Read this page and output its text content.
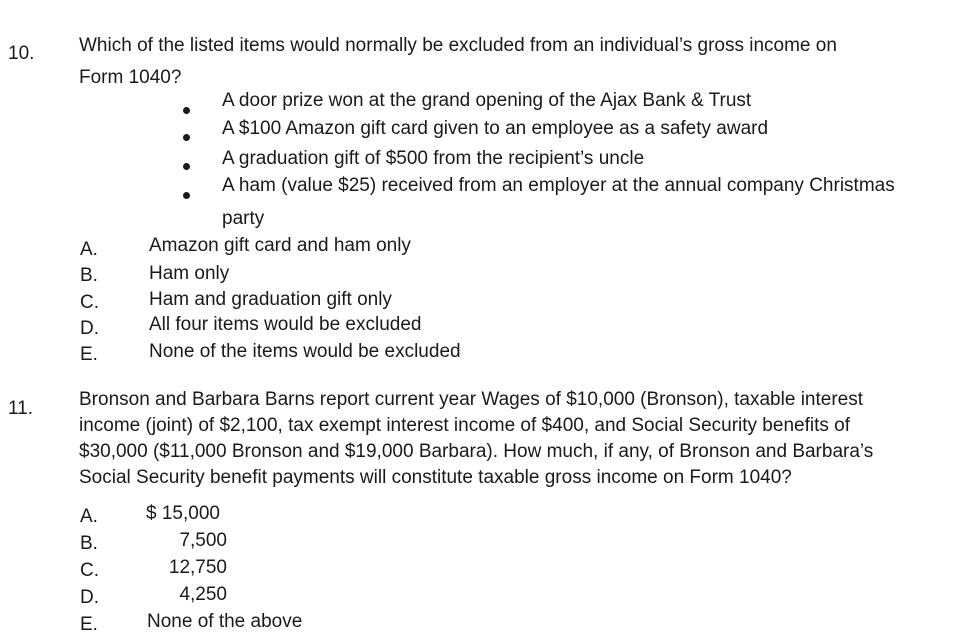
10. Which of the listed items would normally be excluded from an individual’s gross income on
Form 1040?
A door prize won at the grand opening of the Ajax Bank & Trust
A $100 Amazon gift card given to an employee as a safety award
A graduation gift of $500 from the recipient’s uncle
A ham (value $25) received from an employer at the annual company Christmas
party
A.	Amazon gift card and ham only
B.	Ham only
C.	Ham and graduation gift only
D.	All four items would be excluded
E.	None of the items would be excluded
11. Bronson and Barbara Barns report current year Wages of $10,000 (Bronson), taxable interest
income (joint) of $2,100, tax exempt interest income of $400, and Social Security benefits of
$30,000 ($11,000 Bronson and $19,000 Barbara). How much, if any, of Bronson and Barbara’s
Social Security benefit payments will constitute taxable gross income on Form 1040?
A.	$ 15,000
B.	7,500
C.	12,750
D.	4,250
E.	None of the above
